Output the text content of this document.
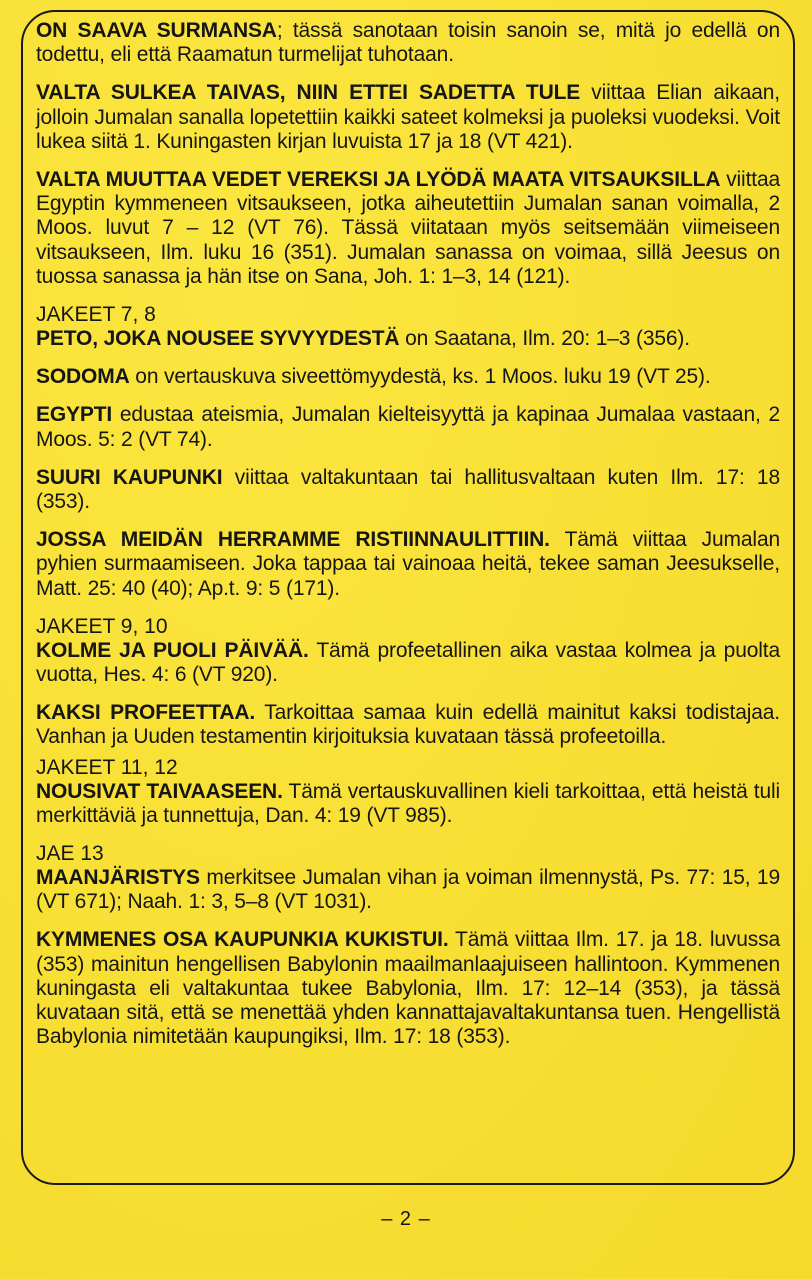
ON SAAVA SURMANSA; tässä sanotaan toisin sanoin se, mitä jo edellä on todettu, eli että Raamatun turmelijat tuhotaan.

VALTA SULKEA TAIVAS, NIIN ETTEI SADETTA TULE viittaa Elian aikaan, jolloin Jumalan sanalla lopetettiin kaikki sateet kolmeksi ja puoleksi vuodeksi. Voit lukea siitä 1. Kuningasten kirjan luvuista 17 ja 18 (VT 421).

VALTA MUUTTAA VEDET VEREKSI JA LYÖDÄ MAATA VITSAUKSILLA viittaa Egyptin kymmeneen vitsaukseen, jotka aiheutettiin Jumalan sanan voimalla, 2 Moos. luvut 7 – 12 (VT 76). Tässä viitataan myös seitsemään viimeiseen vitsaukseen, Ilm. luku 16 (351). Jumalan sanassa on voimaa, sillä Jeesus on tuossa sanassa ja hän itse on Sana, Joh. 1: 1–3, 14 (121).

JAKEET 7, 8

PETO, JOKA NOUSEE SYVYYDESTÄ on Saatana, Ilm. 20: 1–3 (356).

SODOMA on vertauskuva siveettömyydestä, ks. 1 Moos. luku 19 (VT 25).

EGYPTI edustaa ateismia, Jumalan kielteisyyttä ja kapinaa Jumalaa vastaan, 2 Moos. 5: 2 (VT 74).

SUURI KAUPUNKI viittaa valtakuntaan tai hallitusvaltaan kuten Ilm. 17: 18 (353).

JOSSA MEIDÄN HERRAMME RISTIINNAULITTIIN. Tämä viittaa Jumalan pyhien surmaamiseen. Joka tappaa tai vainoaa heitä, tekee saman Jeesukselle, Matt. 25: 40 (40); Ap.t. 9: 5 (171).

JAKEET 9, 10

KOLME JA PUOLI PÄIVÄÄ. Tämä profeetallinen aika vastaa kolmea ja puolta vuotta, Hes. 4: 6 (VT 920).

KAKSI PROFEETTAA. Tarkoittaa samaa kuin edellä mainitut kaksi todistajaa. Vanhan ja Uuden testamentin kirjoituksia kuvataan tässä profeetoilla.

JAKEET 11, 12

NOUSIVAT TAIVAASEEN. Tämä vertauskuvallinen kieli tarkoittaa, että heistä tuli merkittäviä ja tunnettuja, Dan. 4: 19 (VT 985).

JAE 13

MAANJÄRISTYS merkitsee Jumalan vihan ja voiman ilmennystä, Ps. 77: 15, 19 (VT 671); Naah. 1: 3, 5–8 (VT 1031).

KYMMENES OSA KAUPUNKIA KUKISTUI. Tämä viittaa Ilm. 17. ja 18. luvussa (353) mainitun hengellisen Babylonin maailmanlaajuiseen hallintoon. Kymmenen kuningasta eli valtakuntaa tukee Babylonia, Ilm. 17: 12–14 (353), ja tässä kuvataan sitä, että se menettää yhden kannattajavaltakuntansa tuen. Hengellistä Babylonia nimitetään kaupungiksi, Ilm. 17: 18 (353).

– 2 –
